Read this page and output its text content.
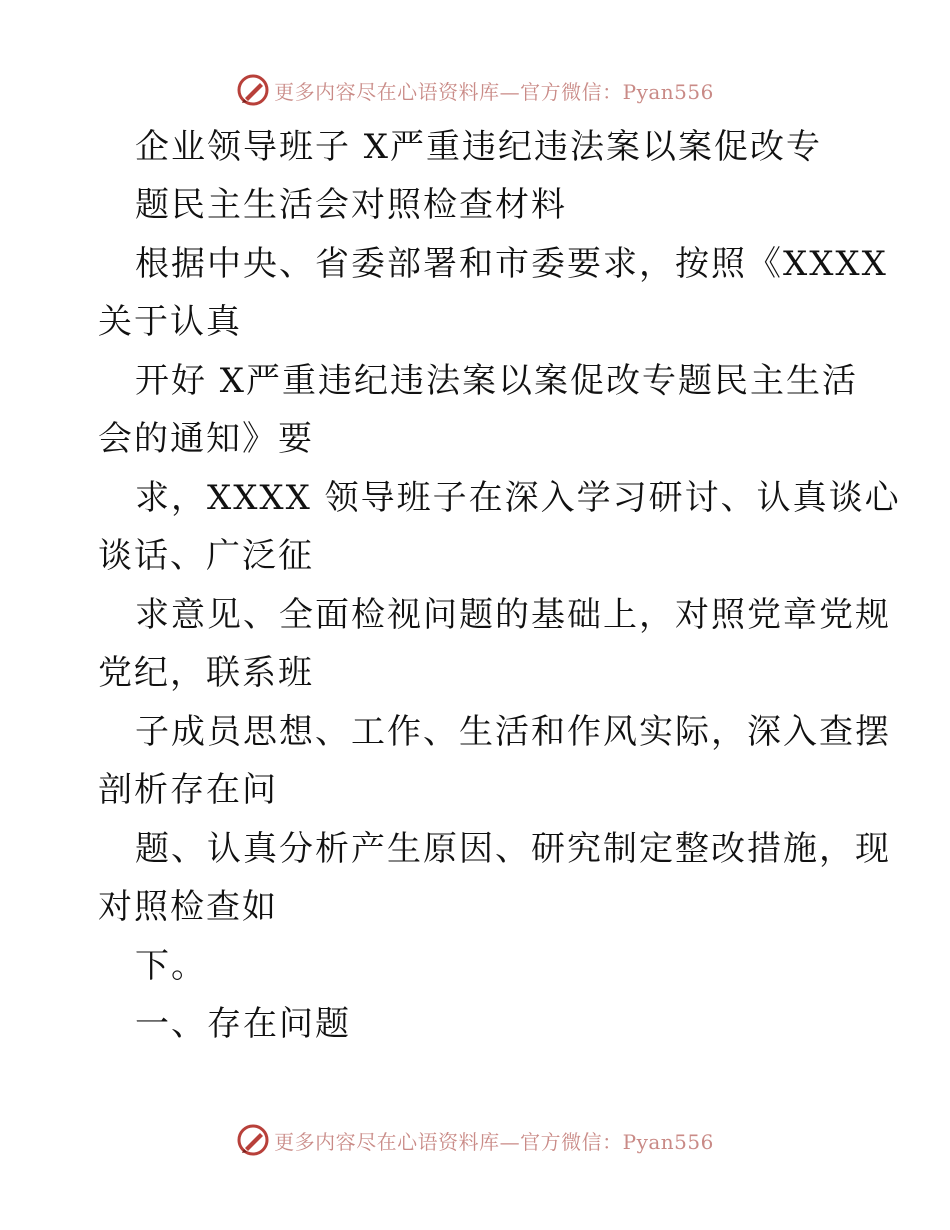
更多内容尽在心语资料库—官方微信：Pyan556
企业领导班子 X严重违纪违法案以案促改专
题民主生活会对照检查材料
根据中央、省委部署和市委要求，按照《XXXX
关于认真
开好 X严重违纪违法案以案促改专题民主生活
会的通知》要
求，XXXX 领导班子在深入学习研讨、认真谈心
谈话、广泛征
求意见、全面检视问题的基础上，对照党章党规
党纪，联系班
子成员思想、工作、生活和作风实际，深入查摆
剖析存在问
题、认真分析产生原因、研究制定整改措施，现
对照检查如
下。
一、存在问题
更多内容尽在心语资料库—官方微信：Pyan556
